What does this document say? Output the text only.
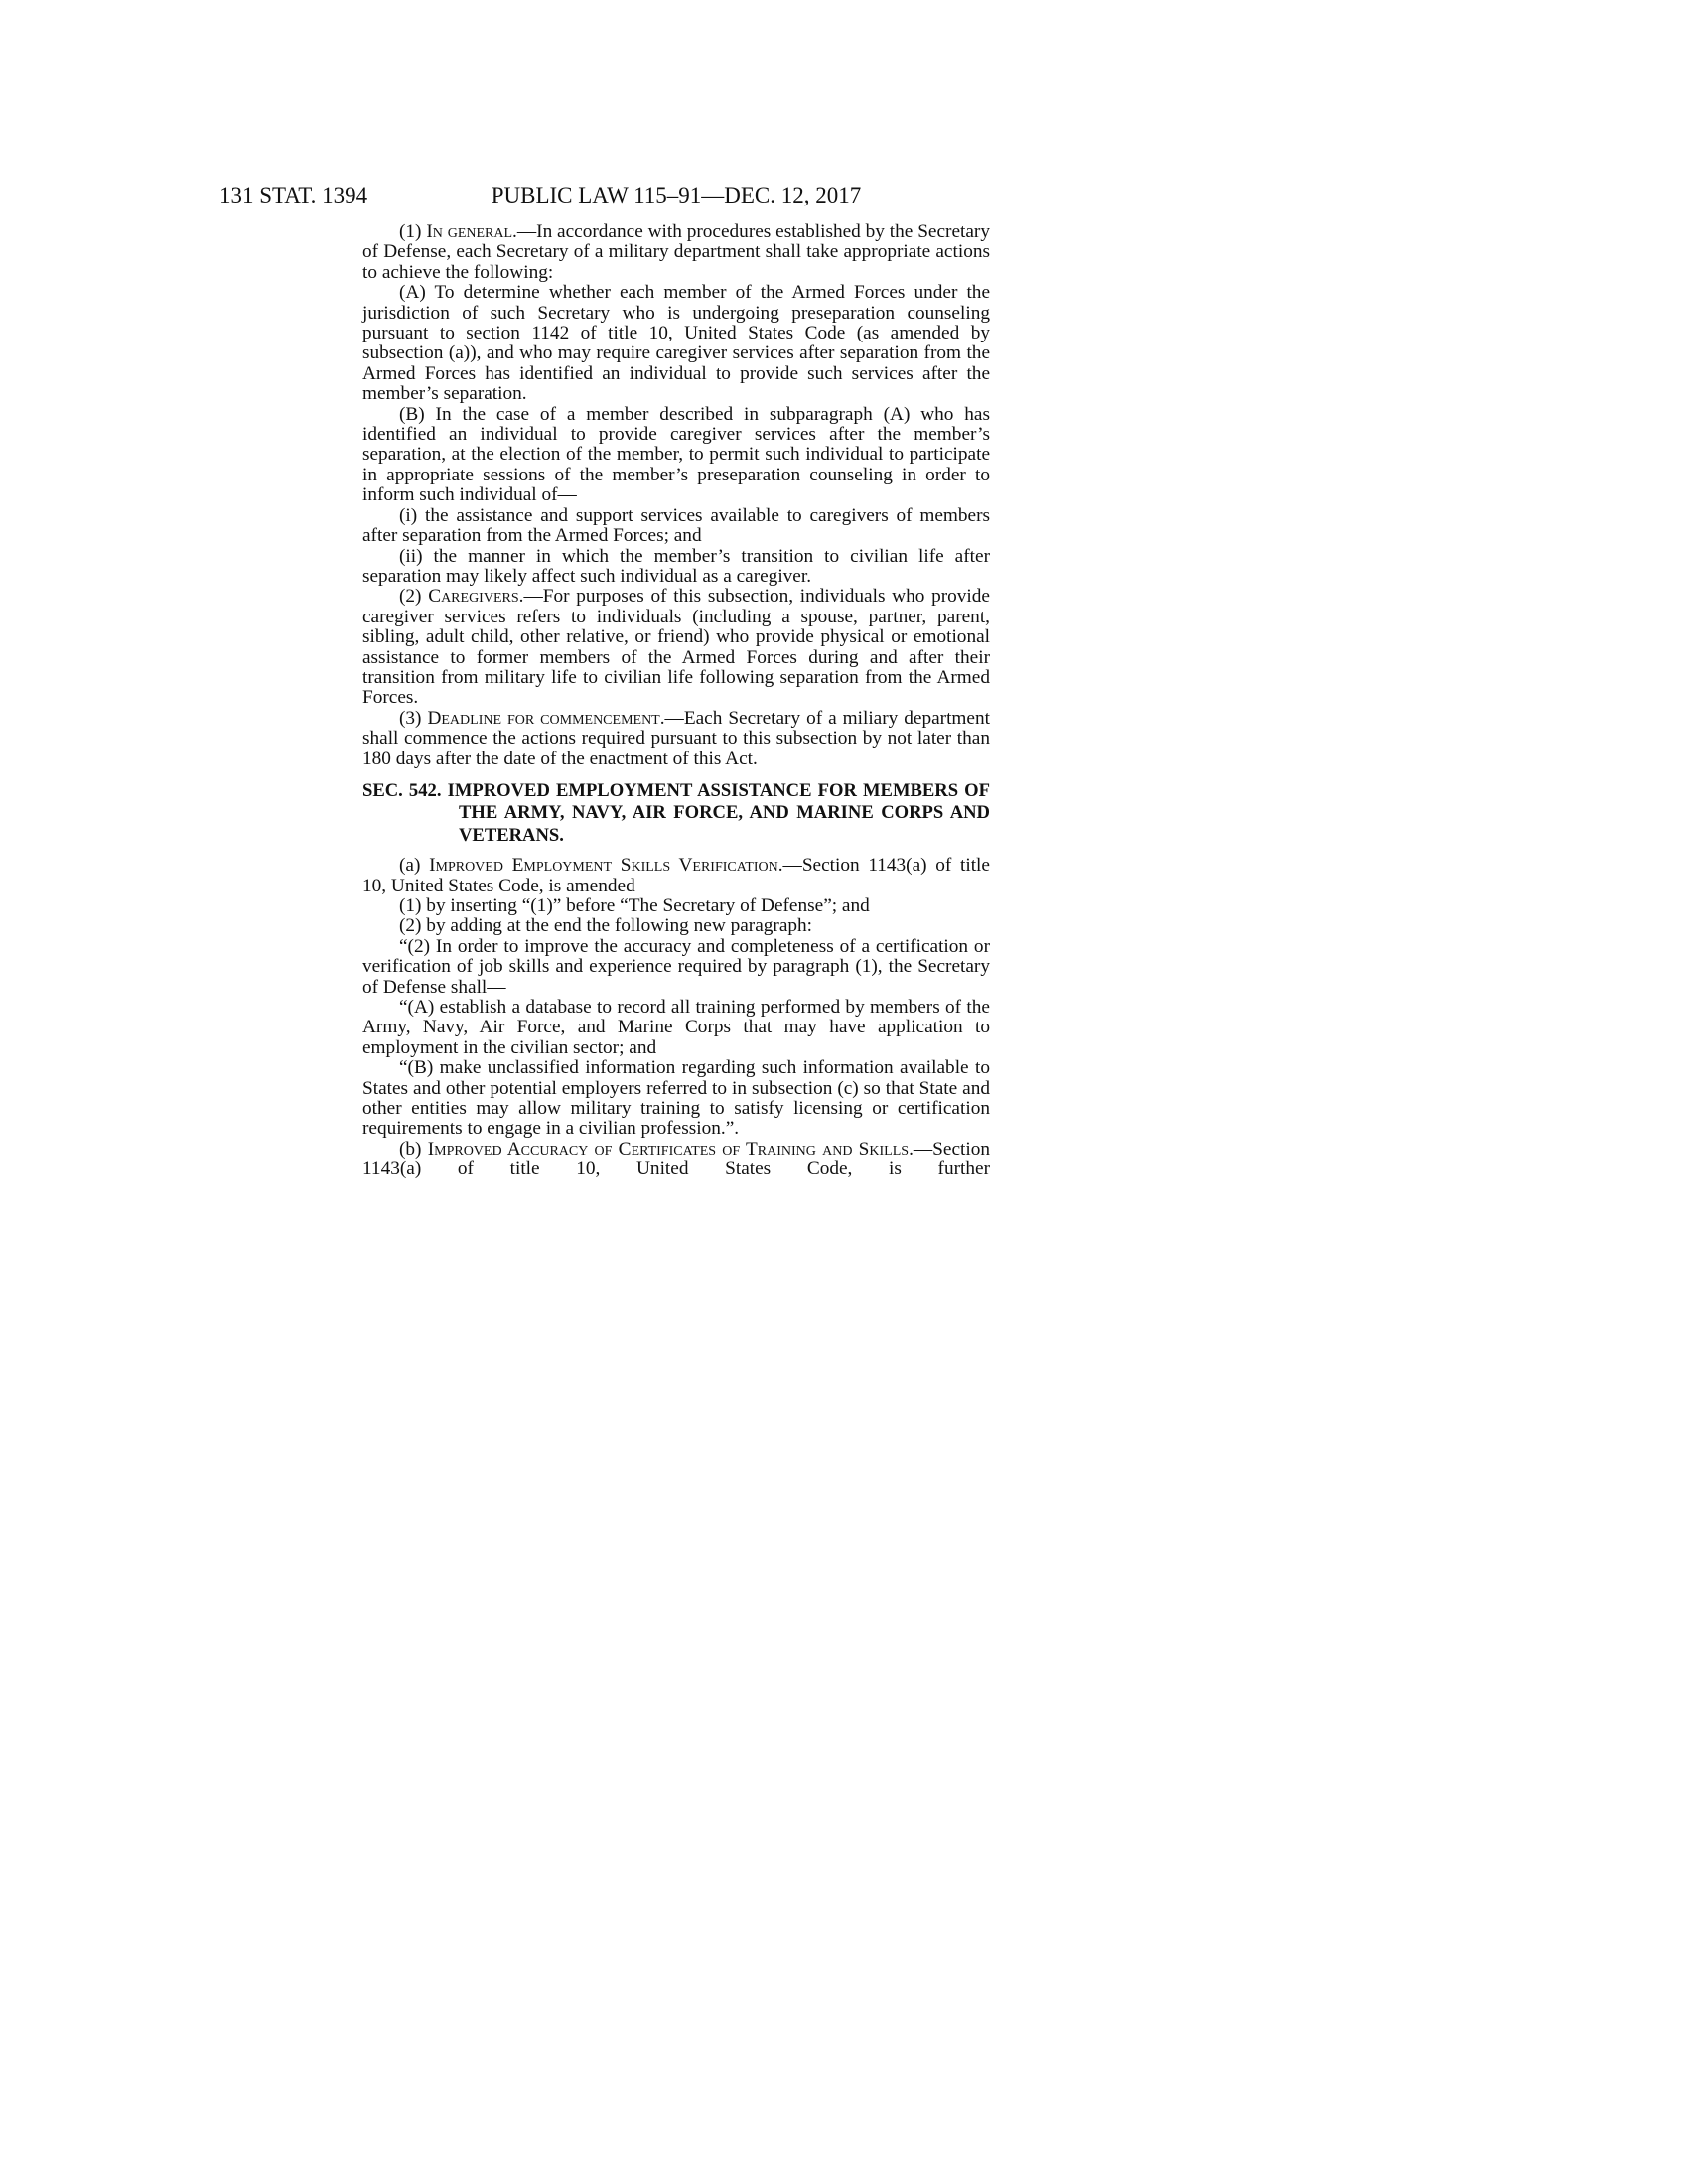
131 STAT. 1394	PUBLIC LAW 115–91—DEC. 12, 2017

(1) In general.—In accordance with procedures established by the Secretary of Defense, each Secretary of a military department shall take appropriate actions to achieve the following:

(A) To determine whether each member of the Armed Forces under the jurisdiction of such Secretary who is undergoing preseparation counseling pursuant to section 1142 of title 10, United States Code (as amended by subsection (a)), and who may require caregiver services after separation from the Armed Forces has identified an individual to provide such services after the member’s separation.

(B) In the case of a member described in subparagraph (A) who has identified an individual to provide caregiver services after the member’s separation, at the election of the member, to permit such individual to participate in appropriate sessions of the member’s preseparation counseling in order to inform such individual of—

(i) the assistance and support services available to caregivers of members after separation from the Armed Forces; and

(ii) the manner in which the member’s transition to civilian life after separation may likely affect such individual as a caregiver.

(2) Caregivers.—For purposes of this subsection, individuals who provide caregiver services refers to individuals (including a spouse, partner, parent, sibling, adult child, other relative, or friend) who provide physical or emotional assistance to former members of the Armed Forces during and after their transition from military life to civilian life following separation from the Armed Forces.

(3) Deadline for commencement.—Each Secretary of a miliary department shall commence the actions required pursuant to this subsection by not later than 180 days after the date of the enactment of this Act.

SEC. 542. IMPROVED EMPLOYMENT ASSISTANCE FOR MEMBERS OF THE ARMY, NAVY, AIR FORCE, AND MARINE CORPS AND VETERANS.

(a) Improved Employment Skills Verification.—Section 1143(a) of title 10, United States Code, is amended—

(1) by inserting “(1)” before “The Secretary of Defense”; and

(2) by adding at the end the following new paragraph:

“(2) In order to improve the accuracy and completeness of a certification or verification of job skills and experience required by paragraph (1), the Secretary of Defense shall—

“(A) establish a database to record all training performed by members of the Army, Navy, Air Force, and Marine Corps that may have application to employment in the civilian sector; and

“(B) make unclassified information regarding such information available to States and other potential employers referred to in subsection (c) so that State and other entities may allow military training to satisfy licensing or certification requirements to engage in a civilian profession.”.

(b) Improved Accuracy of Certificates of Training and Skills.—Section 1143(a) of title 10, United States Code, is further
